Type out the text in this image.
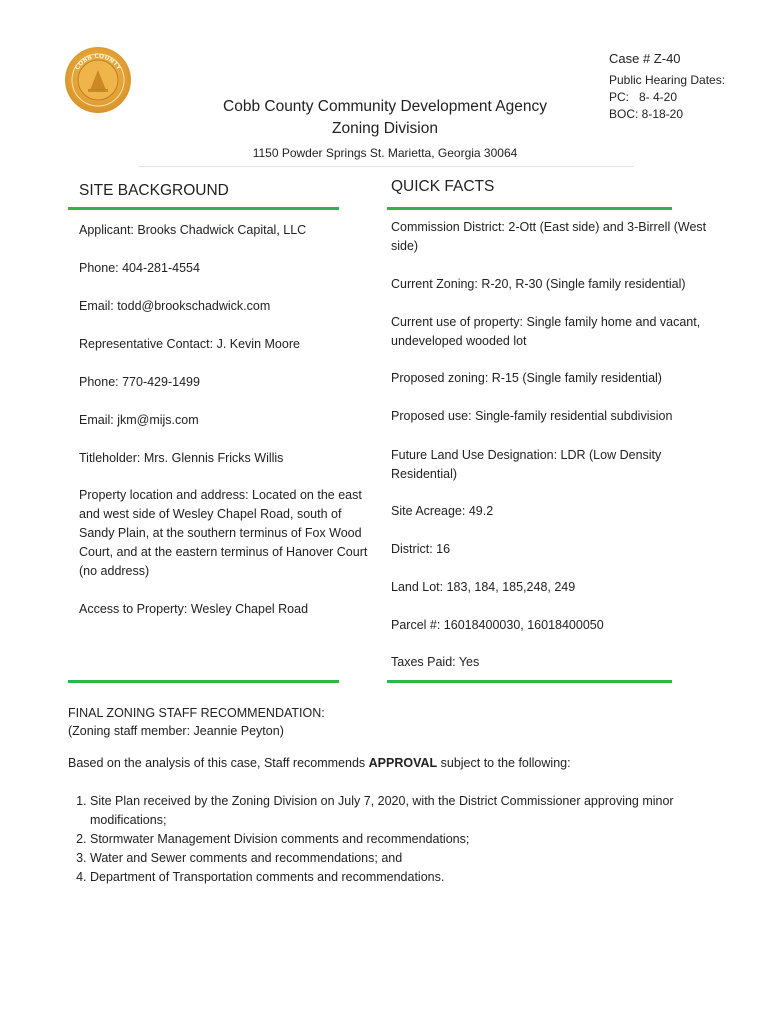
COBB COUNTY
Cobb County Community Development Agency
Zoning Division
1150 Powder Springs St. Marietta, Georgia 30064
Case # Z-40
Public Hearing Dates:
PC:   8- 4-20
BOC: 8-18-20
SITE BACKGROUND	QUICK FACTS
Applicant: Brooks Chadwick Capital, LLC
Phone: 404-281-4554
Email: todd@brookschadwick.com
Representative Contact: J. Kevin Moore
Phone: 770-429-1499
Email: jkm@mijs.com
Titleholder: Mrs. Glennis Fricks Willis
Property location and address: Located on the east and west side of Wesley Chapel Road, south of Sandy Plain, at the southern terminus of Fox Wood Court, and at the eastern terminus of Hanover Court (no address)
Access to Property: Wesley Chapel Road
Commission District: 2-Ott (East side) and 3-Birrell (West side)
Current Zoning: R-20, R-30 (Single family residential)
Current use of property: Single family home and vacant, undeveloped wooded lot
Proposed zoning: R-15 (Single family residential)
Proposed use: Single-family residential subdivision
Future Land Use Designation: LDR (Low Density Residential)
Site Acreage: 49.2
District: 16
Land Lot: 183, 184, 185,248, 249
Parcel #: 16018400030, 16018400050
Taxes Paid: Yes
FINAL ZONING STAFF RECOMMENDATION:
(Zoning staff member: Jeannie Peyton)
Based on the analysis of this case, Staff recommends APPROVAL subject to the following:
1. Site Plan received by the Zoning Division on July 7, 2020, with the District Commissioner approving minor modifications;
2. Stormwater Management Division comments and recommendations;
3. Water and Sewer comments and recommendations; and
4. Department of Transportation comments and recommendations.
